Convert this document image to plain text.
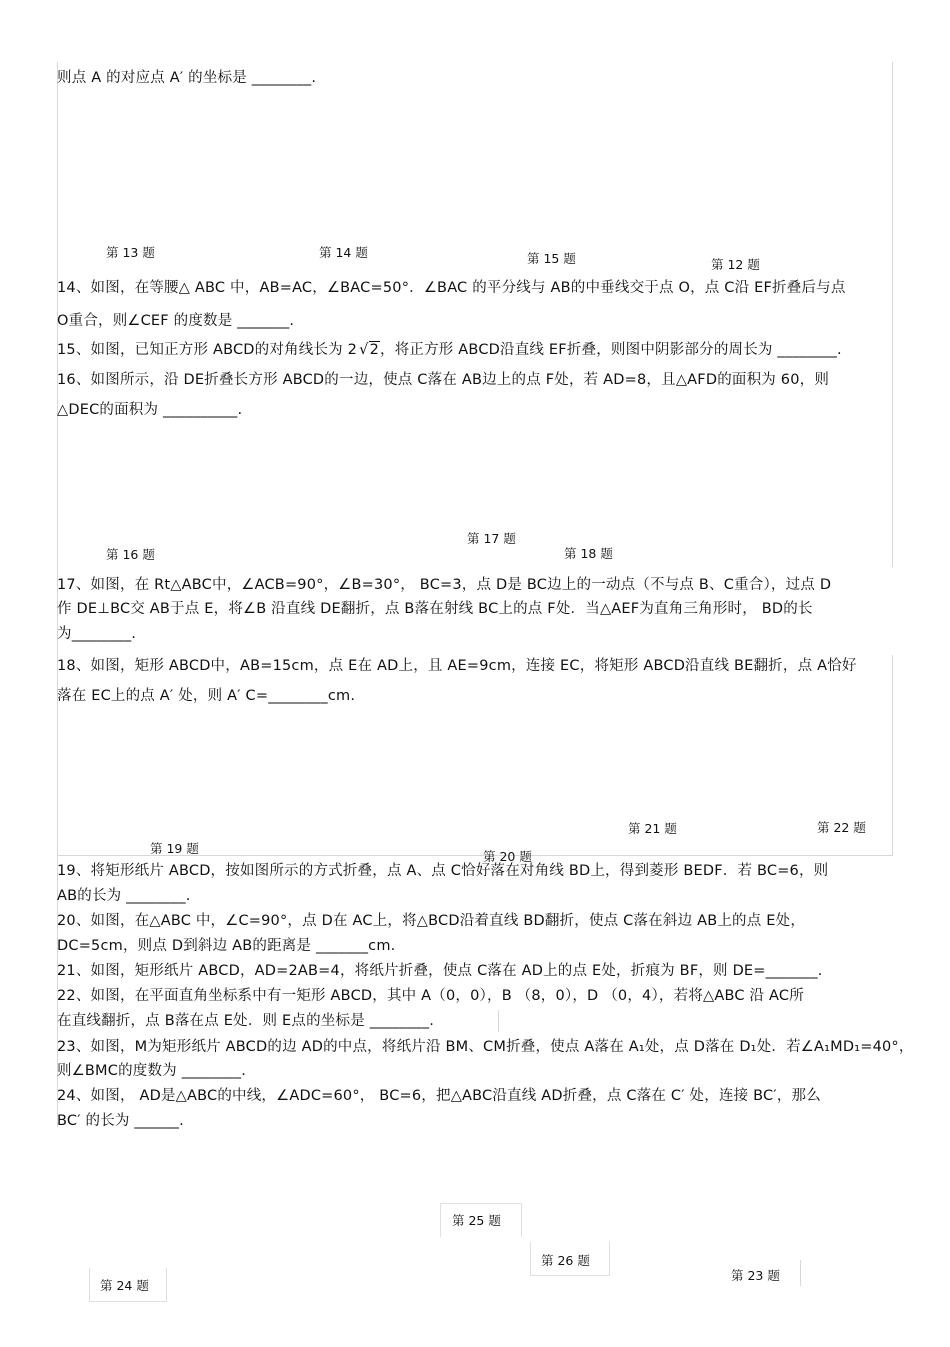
则点 A 的对应点 A′ 的坐标是 ________.
第 13 题	第 14 题	第 15 题	第 12 题
14、如图，在等腰△ ABC 中，AB=AC，∠BAC=50°．∠BAC 的平分线与 AB的中垂线交于点 O，点 C沿 EF折叠后与点
O重合，则∠CEF 的度数是 _______.
15、如图，已知正方形 ABCD的对角线长为 2 √2，将正方形 ABCD沿直线 EF折叠，则图中阴影部分的周长为 ________.
16、如图所示，沿 DE折叠长方形 ABCD的一边，使点 C落在 AB边上的点 F处，若 AD=8，且△AFD的面积为 60，则
△DEC的面积为 __________.
第 17 题
第 16 题	第 18 题
17、如图，在 Rt△ABC中，∠ACB=90°，∠B=30°， BC=3，点 D是 BC边上的一动点（不与点 B、C重合），过点 D
作 DE⊥BC交 AB于点 E，将∠B 沿直线 DE翻折，点 B落在射线 BC上的点 F处．当△AEF为直角三角形时， BD的长
为________.
18、如图，矩形 ABCD中，AB=15cm，点 E在 AD上，且 AE=9cm，连接 EC，将矩形 ABCD沿直线 BE翻折，点 A恰好
落在 EC上的点 A′ 处，则 A′ C=________cm.
第 21 题	第 22 题
第 19 题
第 20 题
19、将矩形纸片 ABCD，按如图所示的方式折叠，点 A、点 C恰好落在对角线 BD上，得到菱形 BEDF．若 BC=6，则
AB的长为 ________.
20、如图，在△ABC 中，∠C=90°，点 D在 AC上，将△BCD沿着直线 BD翻折，使点 C落在斜边 AB上的点 E处，
DC=5cm，则点 D到斜边 AB的距离是 _______cm.
21、如图，矩形纸片 ABCD，AD=2AB=4，将纸片折叠，使点 C落在 AD上的点 E处，折痕为 BF，则 DE=_______.
22、如图，在平面直角坐标系中有一矩形 ABCD，其中 A（0，0），B （8，0），D （0，4），若将△ABC 沿 AC所
在直线翻折，点 B落在点 E处．则 E点的坐标是 ________.
23、如图，M为矩形纸片 ABCD的边 AD的中点，将纸片沿 BM、CM折叠，使点 A落在 A₁处，点 D落在 D₁处．若∠A₁MD₁=40°，
则∠BMC的度数为 ________.
24、如图， AD是△ABC的中线，∠ADC=60°， BC=6，把△ABC沿直线 AD折叠，点 C落在 C′ 处，连接 BC′，那么
BC′ 的长为 ______.
第 25 题
第 26 题
第 23 题
第 24 题
